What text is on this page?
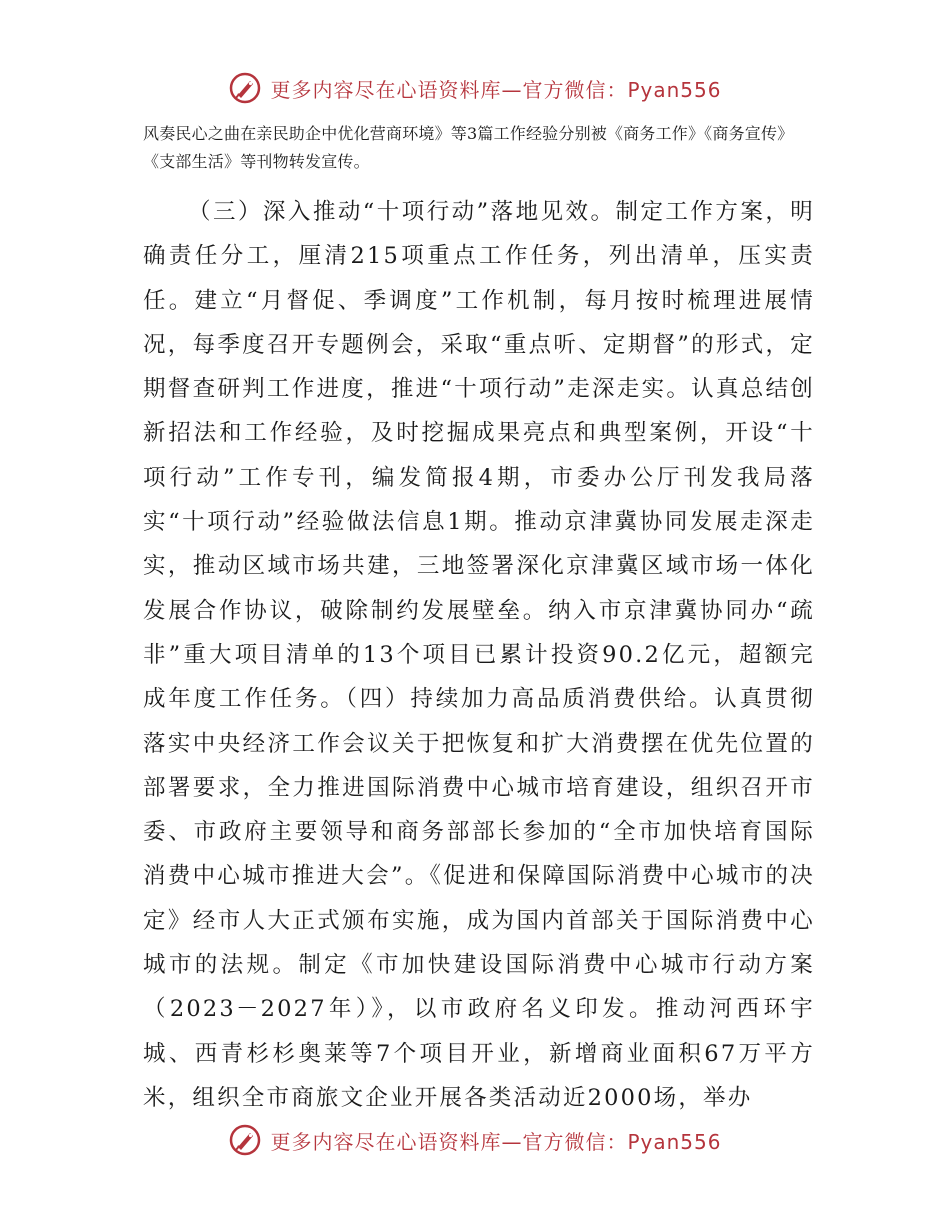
更多内容尽在心语资料库—官方微信：Pyan556

风奏民心之曲在亲民助企中优化营商环境》等3篇工作经验分别被《商务工作》《商务宣传》《支部生活》等刊物转发宣传。

（三）深入推动“十项行动”落地见效。制定工作方案，明确责任分工，厘清215项重点工作任务，列出清单，压实责任。建立“月督促、季调度”工作机制，每月按时梳理进展情况，每季度召开专题例会，采取“重点听、定期督”的形式，定期督查研判工作进度，推进“十项行动”走深走实。认真总结创新招法和工作经验，及时挖掘成果亮点和典型案例，开设“十项行动”工作专刊，编发简报4期，市委办公厅刊发我局落实“十项行动”经验做法信息1期。推动京津冀协同发展走深走实，推动区域市场共建，三地签署深化京津冀区域市场一体化发展合作协议，破除制约发展壁垒。纳入市京津冀协同办“疏非”重大项目清单的13个项目已累计投资90.2亿元，超额完成年度工作任务。（四）持续加力高品质消费供给。认真贯彻落实中央经济工作会议关于把恢复和扩大消费摆在优先位置的部署要求，全力推进国际消费中心城市培育建设，组织召开市委、市政府主要领导和商务部部长参加的“全市加快培育国际消费中心城市推进大会”。《促进和保障国际消费中心城市的决定》经市人大正式颁布实施，成为国内首部关于国际消费中心城市的法规。制定《市加快建设国际消费中心城市行动方案（2023－2027年）》，以市政府名义印发。推动河西环宇城、西青杉杉奥莱等7个项目开业，新增商业面积67万平方米，组织全市商旅文企业开展各类活动近2000场，举办

更多内容尽在心语资料库—官方微信：Pyan556
